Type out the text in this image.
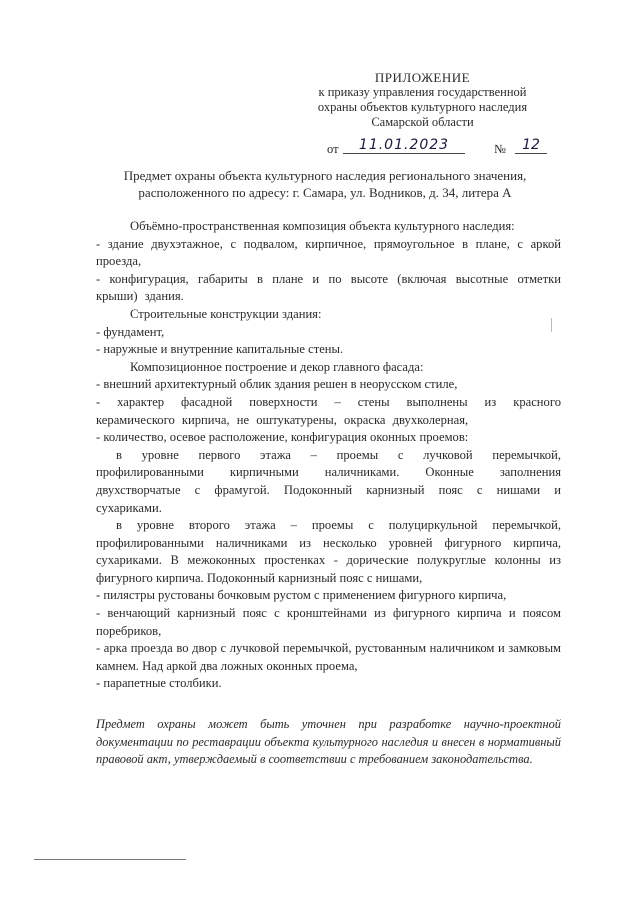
ПРИЛОЖЕНИЕ
к приказу управления государственной
охраны объектов культурного наследия
Самарской области
от	11.01.2023	№	12
Предмет охраны объекта культурного наследия регионального значения,
расположенного по адресу: г. Самара, ул. Водников, д. 34, литера А

Объёмно-пространственная композиция объекта культурного наследия:

- здание двухэтажное, с подвалом, кирпичное, прямоугольное в плане, с аркой проезда,

- конфигурация, габариты в плане и по высоте (включая высотные отметки крыши) здания.

Строительные конструкции здания:

- фундамент,

- наружные и внутренние капитальные стены.

Композиционное построение и декор главного фасада:

- внешний архитектурный облик здания решен в неорусском стиле,

- характер фасадной поверхности – стены выполнены из красного керамического кирпича, не оштукатурены, окраска двухколерная,

- количество, осевое расположение, конфигурация оконных проемов:

в уровне первого этажа – проемы с лучковой перемычкой, профилированными кирпичными наличниками. Оконные заполнения двухстворчатые с фрамугой. Подоконный карнизный пояс с нишами и сухариками.

в уровне второго этажа – проемы с полуциркульной перемычкой, профилированными наличниками из несколько уровней фигурного кирпича, сухариками. В межоконных простенках - дорические полукруглые колонны из фигурного кирпича. Подоконный карнизный пояс с нишами,

- пилястры рустованы бочковым рустом с применением фигурного кирпича,

- венчающий карнизный пояс с кронштейнами из фигурного кирпича и поясом поребриков,

- арка проезда во двор с лучковой перемычкой, рустованным наличником и замковым камнем. Над аркой два ложных оконных проема,

- парапетные столбики.

Предмет охраны может быть уточнен при разработке научно-проектной документации по реставрации объекта культурного наследия и внесен в нормативный правовой акт, утверждаемый в соответствии с требованием законодательства.
